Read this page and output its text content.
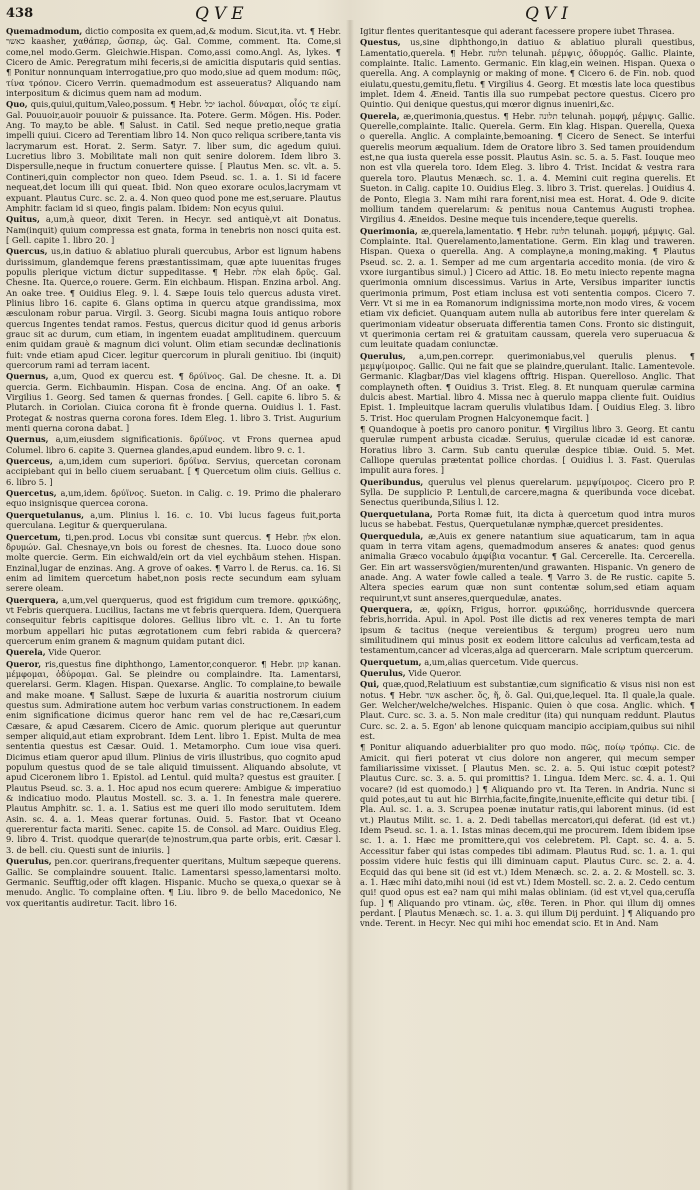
438	QVE	QVI

Quemadmodum, dictio composita ex quem,ad,& modum. Sicut,ita. vt. ¶ Hebr. כאשר kaasher, χαθάπερ, ὥσπερ, ὡς. Gal. Comme, comment. Ita. Come,si come,nel modo.Germ. Gleichwie.Hispan. Como,assi como.Angl. As, lykes. ¶ Cicero de Amic. Peregratum mihi feceris,si de amicitia disputaris quid sentias. ¶ Ponitur nonnunquam interrogatiue,pro quo modo,siue ad quem modum: πῶς, τίνα τρόπον. Cicero Verrin. quemadmodum est asseueratus? Aliquando nam interpositum & dicimus quem nam ad modum.

Quo, quis,quiui,quitum,Valeo,possum. ¶ Hebr. יכל iachol. δύναμαι, οἷός τε εἰμί. Gal. Pouuoir,auoir pouuoir & puissance. Ita. Potere. Germ. Mögen. His. Poder. Ang. To may,to be able. ¶ Salust. in Catil. Sed neque pretio,neque gratia impelli quiui. Cicero ad Terentiam libro 14. Non quco reliqua scribere,tanta vis lacrymarum est. Horat. 2. Serm. Satyr. 7. liber sum, dic agedum quiui. Lucretius libro 3. Mobilitate mali non quit senire dolorem. Idem libro 3. Dispersulle,neque in fructum conuertere quisse. [ Plautus Men. sc. vlt. a. 5. Contineri,quin complector non queo. Idem Pseud. sc. 1. a. 1. Si id facere nequeat,det locum illi qui queat. Ibid. Non queo exorare oculos,lacrymam vt expuant. Plautus Curc. sc. 2. a. 4. Non queo quod pone me est,seruare. Plautus Amphitr. faciam id si queo, fingis palam. Ibidem: Non ecyus quiui.

Quitus, a,um,à queor, dixit Teren. in Hecyr. sed antiquè,vt ait Donatus. Nam(inquit) quium compressa est gnata, forma in tenebris non nosci quita est. [ Gell. capite 1. libro 20. ]

Quercus, us,in datiuo & ablatiuo plurali quercubus, Arbor est lignum habens durissimum, glandemque ferens præstantissimam, quæ apte iuuenitas fruges populis plerique victum dictur suppeditasse. ¶ Hebr. אלה elah δρῦς. Gal. Chesne. Ita. Querce,o rouere. Germ. Ein eichbaum. Hispan. Enzina arbol. Ang. An oake tree. ¶ Ouidius Eleg. 9. l. 4. Sæpe Iouis telo quercus adusta viret. Plinius libro 16. capite 6. Glans optima in quercu atque grandissima, mox æsculonam robur parua. Virgil. 3. Georg. Sicubi magna Iouis antiquo robore quercus Ingentes tendat ramos. Festus, quercus dicitur quod id genus arboris grauc sit ac durum, cum etiam, in ingentem euadat amplitudinem. quercuum enim quidam grauè & magnum dici volunt. Olim etiam secundæ declinationis fuit: vnde etiam apud Cicer. legitur quercorum in plurali genitiuo. Ibi (inquit) quercorum rami ad terram iacent.

Quernus, a,um, Quod ex quercu est. ¶ δρύϊνος. Gal. De chesne. It. a. Di quercia. Germ. Eichbaumin. Hispan. Cosa de encina. Ang. Of an oake. ¶ Virgilius 1. Georg. Sed tamen & quernas frondes. [ Gell. capite 6. libro 5. & Plutarch. in Coriolan. Ciuica corona fit è fronde querna. Ouidius l. 1. Fast. Protegat & nostras querna corona fores. Idem Eleg. 1. libro 3. Trist. Augurium menti querna corona dabat. ]

Quernus, a,um,eiusdem significationis. δρύϊνος. vt Frons quernea apud Columel. libro 6. capite 3. Quernea glandes,apud eundem. libro 9. c. 1.

Querceus, a,um,idem cum superiori. δρύϊνα. Servius, quercetan coronam accipiebant qui in bello ciuem seruabant. [ ¶ Quercetum olim ciuis. Gellius c. 6. libro 5. ]

Quercetus, a,um,idem. δρύϊνος. Sueton. in Calig. c. 19. Primo die phaleraro equo insignisque quercea corona.

Querquetulanus, a,um. Plinius l. 16. c. 10. Vbi lucus fageus fuit,porta querculana. Legitur & querquerulana.

Quercetum, ti,pen.prod. Locus vbi consitæ sunt quercus. ¶ Hebr. אלון elon. δρυμών. Gal. Chesnaye,vn bois ou forest de chesnes. Ita. Luoco doue sono molte quercie. Germ. Ein eichwald/ein ort da viel eychbäum stehen. Hispan. Enzinal,lugar de enzinas. Ang. A grove of oakes. ¶ Varro l. de Rerus. ca. 16. Si enim ad limitem quercetum habet,non posis recte secundum eam syluam serere oleam.

Querquera, a,um,vel querquerus, quod est frigidum cum tremore. φρικώδης, vt Febris querquera. Lucilius, Iactans me vt febris querquera. Idem, Querquera consequitur febris capitisque dolores. Gellius libro vlt. c. 1. An tu forte morbum appellari hic putas ægrotationem cum febri rabida & quercera? quercerum enim granem & magnum quidam putant dici.

Querela, Vide Queror.

Queror, ris,questus fine diphthongo, Lamentor,conqueror. ¶ Hebr. קונן kanan. μέμφομαι, ὀδύρομαι. Gal. Se pleindre ou complaindre. Ita. Lamentarsi, querelarsi. Germ. Klagen. Hispan. Quexarse. Anglic. To complaine,to bewaile and make moane. ¶ Sallust. Sæpe de luxuria & auaritia nostrorum ciuium questus sum. Admiratione autem hoc verbum varias constructionem. In eadem enim significatione dicimus queror hanc rem vel de hac re,Cæsari,cum Cæsare, & apud Cæsarem. Cicero de Amic. quorum plerique aut queruntur semper aliquid,aut etiam exprobrant. Idem Lent. libro 1. Epist. Multa de mea sententia questus est Cæsar. Ouid. 1. Metamorpho. Cum ioue visa queri. Dicimus etiam queror apud illum. Plinius de viris illustribus, quo cognito apud populum questus quod de se tale aliquid timuissent. Aliquando absolute, vt apud Ciceronem libro 1. Epistol. ad Lentul. quid multa? questus est grauiter. [ Plautus Pseud. sc. 3. a. 1. Hoc apud nos ecum querere: Ambigue & imperatiuo & indicatiuo modo. Plautus Mostell. sc. 3. a. 1. In fenestra male querere. Plautus Amphitr. sc. 1. a. 1. Satius est me queri illo modo seruitutem. Idem Asin. sc. 4. a. 1. Meas querar fortunas. Ouid. 5. Fastor. Ibat vt Oceano quererentur facta mariti. Senec. capite 15. de Consol. ad Marc. Ouidius Eleg. 9. libro 4. Trist. quodque querar(de te)nostrum,qua parte orbis, erit. Cæsar l. 3. de bell. ciu. Questi sunt de iniuriis. ]

Querulus, pen.cor. querirans,frequenter queritans, Multum sæpeque querens. Gallic. Se complaindre souuent. Italic. Lamentarsi spesso,lamentarsi molto. Germanic. Seufftig,oder offt klagen. Hispanic. Mucho se quexa,o quexar se à menudo. Anglic. To complaine often. ¶ Liu. libro 9. de bello Macedonico, Ne vox queritantis audiretur. Tacit. libro 16.

Igitur flentes queritantesque qui aderant facessere propere iubet Thrasea.

Questus, us,sine diphthongo,in datiuo & ablatiuo plurali questibus, Lamentatio,querela. ¶ Hebr. תלונה telunah. μέμψις, ὀδυρμός. Gallic. Plainte, complainte. Italic. Lamento. Germanic. Ein klag,ein weinen. Hispan. Quexa o querella. Ang. A complaynig or making of mone. ¶ Cicero 6. de Fin. nob. quod eiulatu,questu,gemitu,fletu. ¶ Virgilius 4. Georg. Et mœstis late loca questibus implet. Idem 4. Æneid. Tantis illa suo rumpebat pectore questus. Cicero pro Quintio. Qui denique questus,qui mœror dignus inueniri,&c.

Querela, æ,querimonia,questus. ¶ Hebr. תלונה telunah. μομφή, μέμψις. Gallic. Querelle,complainte. Italic. Querela. Germ. Ein klag. Hispan. Querella, Quexa o querella. Anglic. A complainte,bemoaning. ¶ Cicero de Senect. Se interfui querelis meorum æqualium. Idem de Oratore libro 3. Sed tamen prouidendum est,ne qua iusta querela esse possit. Plautus Asin. sc. 5. a. 5. Fast. Iouque meo non est vlla querela toro. Idem Eleg. 3. libro 4. Trist. Incidat & vestra rara querela toro. Plautus Menæch. sc. 1. a. 4. Memini cuit regina querelis. Et Sueton. in Calig. capite 10. Ouidius Eleg. 3. libro 3. Trist. querelas. ] Ouidius 4. de Ponto, Elegia 3. Nam mihi rara forent,nisi mea est. Horat. 4. Ode 9. dicite mollium tandem querelarum: & penitus noua Cantemus Augusti trophea. Virgilius 4. Æneidos. Desine meque tuis incendere,teque querelis.

Querimonia, æ,querela,lamentatio. ¶ Hebr. תלונה telunah. μομφή, μέμψις. Gal. Complainte. Ital. Querelamento,lamentatione. Germ. Ein klag und traweren. Hispan. Quexa o querella. Ang. A complayne,a moning,making. ¶ Plautus Pseud. sc. 2. a. 1. Semper ad me cum argentaria accedito monia. (de viro & vxore iurgantibus simul.) ] Cicero ad Attic. 18. Eo metu iniecto repente magna querimonia omnium discessimus. Varius in Arte, Versibus impariter iunctis querimonia primum, Post etiam inclusa est voti sententia compos. Cicero 7. Verr. Vt si me in ea Romanorum indignissima morte,non modo vires, & vocem etiam vix deficiet. Quanquam autem nulla ab autoribus fere inter querelam & querimoniam videatur obseruata differentia tamen Cons. Fronto sic distinguit, vt querimonia certam rei & gratuitam caussam, querela vero superuacua & cum leuitate quadam coniunctæ.

Querulus, a,um,pen.correpr. querimoniabus,vel querulis plenus. ¶ μεμψίμοιρος. Gallic. Qui ne fait que se plaindre,querulant. Italic. Lamentevole. Germanic. Klagbar/Das viel klagens offtrig. Hispan. Querelloso. Anglic. That complayneth often. ¶ Ouidius 3. Trist. Eleg. 8. Et nunquam querulæ carmina dulcis abest. Martial. libro 4. Missa nec à querulo mappa cliente fuit. Ouidius Epist. 1. Impleuitque lacram querulis vlulatibus Idam. [ Ouidius Eleg. 3. libro 5. Trist. Hoc querulam Prognen Halcyonemque facit. ]

¶ Quandoque à poetis pro canoro ponitur. ¶ Virgilius libro 3. Georg. Et cantu querulæ rumpent arbusta cicadæ. Seruius, querulæ cicadæ id est canoræ. Horatius libro 3. Carm. Sub cantu querulæ despice tibiæ. Ouid. 5. Met. Calliope querulas prætentat pollice chordas. [ Ouidius l. 3. Fast. Querulas impulit aura fores. ]

Queribundus, querulus vel plenus querelarum. μεμψίμοιρος. Cicero pro P. Sylla. De supplicio P. Lentuli,de carcere,magna & queribunda voce dicebat. Senectus queribunda,Silius l. 12.

Querquetulana, Porta Romæ fuit, ita dicta à quercetum quod intra muros lucus se habebat. Festus, Querquetulanæ nymphæ,quercet presidentes.

Querquedula, æ,Auis ex genere natantium siue aquaticarum, tam in aqua quam in terra vitam agens, quemadmodum anseres & anates: quod genus animalia Græco vocabulo ἀμφίβια vocantur. ¶ Gal. Cercerelle. Ita. Cercerella. Ger. Ein art wassersvögien/murenten/und grawanten. Hispanic. Vn genero de anade. Ang. A water fowle called a teale. ¶ Varro 3. de Re rustic. capite 5. Altera species earum quæ non sunt contentæ solum,sed etiam aquam requirunt,vt sunt anseres,querquedulæ, anates.

Querquera, æ, φρίκη, Frigus, horror. φρικώδης, horridusvnde quercera febris,horrida. Apul. in Apol. Post ille dictis ad rex veneres tempta de mari ipsum & tacitus (neque vereientibus & tergum) progreu uero num similitudinem qui minus posit ex eodem littore calculus ad verficam,testa ad testamentum,cancer ad vlceras,alga ad quercerarn. Male scriptum quercerum.

Querquetum, a,um,alias quercetum. Vide quercus.

Querulus, Vide Queror.

Qui, quæ,quod,Relatiuum est substantiæ,cum significatio & visus nisi non est notus. ¶ Hebr. אשר ascher. ὅς, ἥ, ὅ. Gal. Qui,que,lequel. Ita. Il quale,la quale. Ger. Welcher/welche/welches. Hispanic. Quien ò que cosa. Anglic. which. ¶ Plaut. Curc. sc. 3. a. 5. Non male creditur (ita) qui nunquam reddunt. Plautus Curc. sc. 2. a. 5. Egon' ab lenone quicquam mancipio accipiam,quibus sui nihil est.

¶ Ponitur aliquando aduerbialiter pro quo modo. πῶς, ποίῳ τρόπῳ. Cic. de Amicit. qui fieri poterat vt cius dolore non angerer, qui mecum semper familiarissime vixisset. [ Plautus Men. sc. 2. a. 5. Qui istuc cœpit potest? Plautus Curc. sc. 3. a. 5. qui promittis? 1. Lingua. Idem Merc. sc. 4. a. 1. Qui vocare? (id est quomodo.) ] ¶ Aliquando pro vt. Ita Teren. in Andria. Nunc si quid potes,aut tu aut hic Birrhia,facite,fingite,inuenite,efficite qui detur tibi. [ Pla. Aul. sc. 1. a. 3. Scrupea poenæ inutatur ratis,qui laborent minus. (id est vt.) Plautus Milit. sc. 1. a. 2. Dedi tabellas mercatori,qui deferat. (id est vt.) Idem Pseud. sc. 1. a. 1. Istas minas decem,qui me procurem. Idem ibidem ipse sc. 1. a. 1. Hæc me promittere,qui vos celebretem. Pl. Capt. sc. 4. a. 5. Accessitur faber qui istas compedes tibi adimam. Plautus Rud. sc. 1. a. 1. qui possim videre huic festis qui illi diminuam caput. Plautus Curc. sc. 2. a. 4. Ecquid das qui bene sit (id est vt.) Idem Menæch. sc. 2. a. 2. & Mostell. sc. 3. a. 1. Hæc mihi dato,mihi noui (id est vt.) Idem Mostell. sc. 2. a. 2. Cedo centum qui! quod opus est ea? nam qui mihi malas obliniam. (id est vt,vel qua,ceruſſa ſup. ] ¶ Aliquando pro vtinam. ὡς, εἴθε. Teren. in Phor. qui illum dij omnes perdant. [ Plautus Menæch. sc. 1. a. 3. qui illum Dij perduint. ] ¶ Aliquando pro vnde. Terent. in Hecyr. Nec qui mihi hoc emendat scio. Et in And. Nam
